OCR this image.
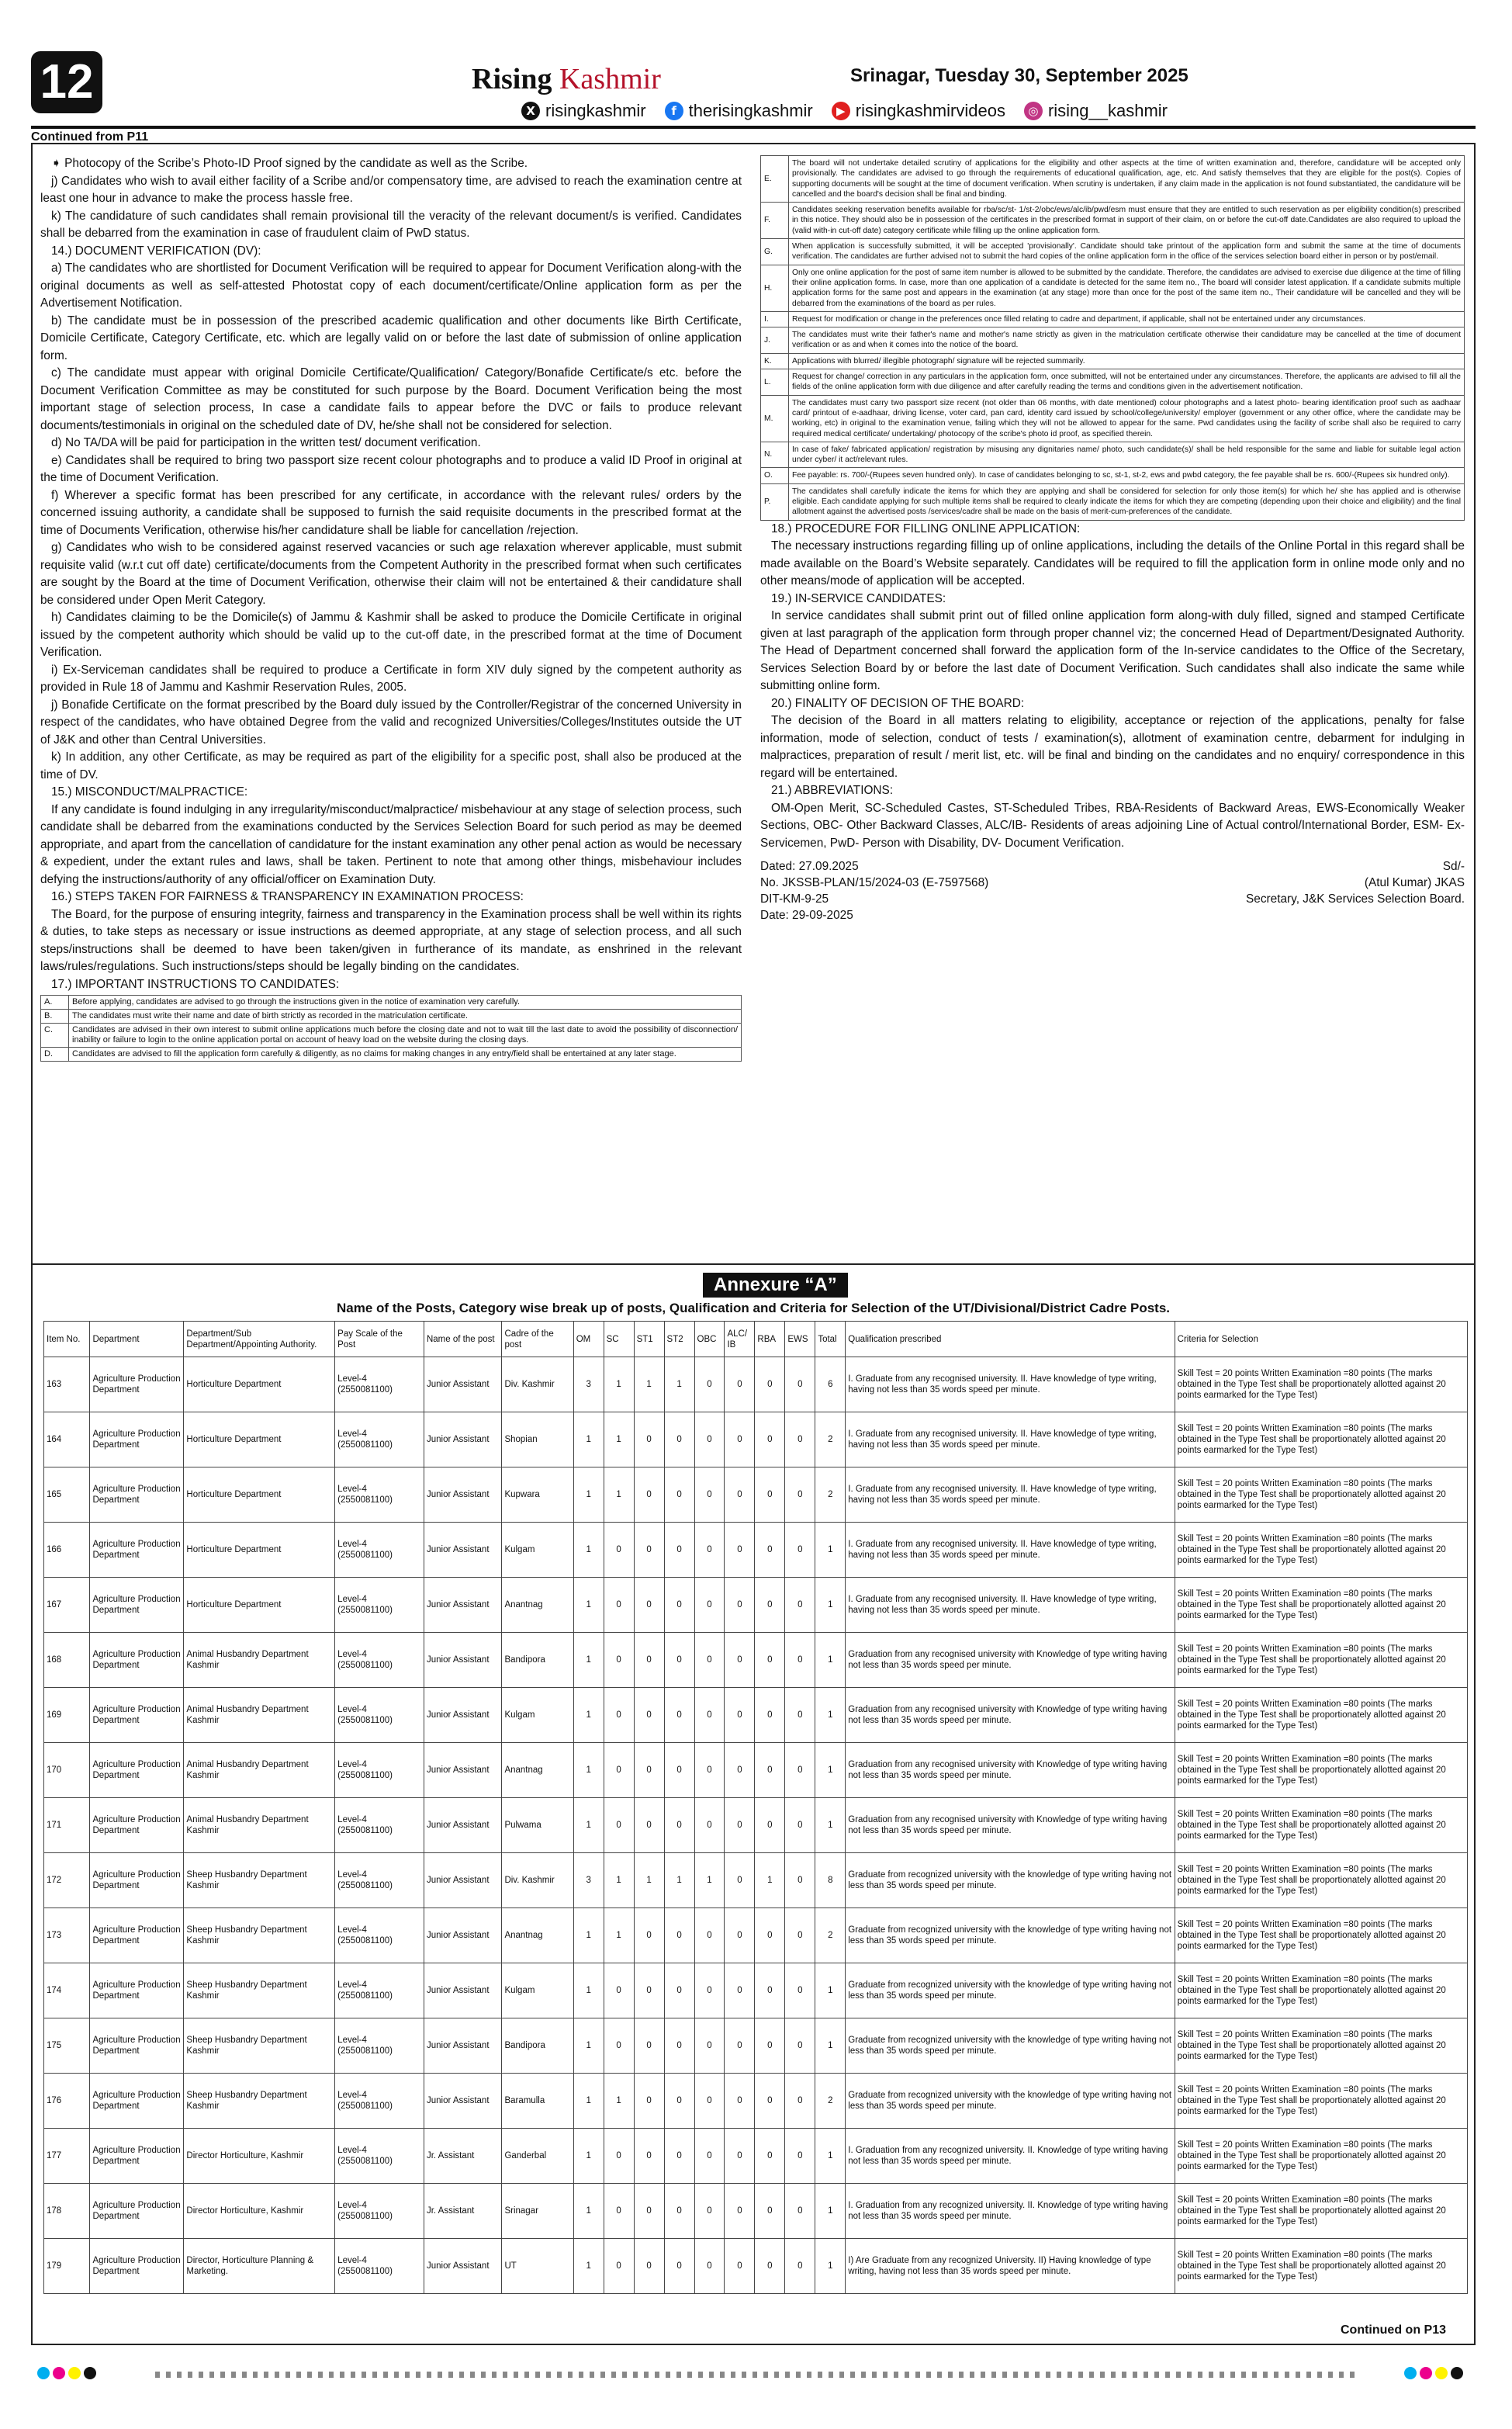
12	Rising Kashmir	Srinagar, Tuesday 30, September 2025
X risingkashmir	f therisingkashmir	▶ risingkashmirvideos	◎ rising__kashmir
Continued from P11

➧ Photocopy of the Scribe’s Photo-ID Proof signed by the candidate as well as the Scribe.

j) Candidates who wish to avail either facility of a Scribe and/or compensatory time, are advised to reach the examination centre at least one hour in advance to make the process hassle free.

k) The candidature of such candidates shall remain provisional till the veracity of the relevant document/s is verified. Candidates shall be debarred from the examination in case of fraudulent claim of PwD status.

14.) DOCUMENT VERIFICATION (DV):

a) The candidates who are shortlisted for Document Verification will be required to appear for Document Verification along-with the original documents as well as self-attested Photostat copy of each document/certificate/Online application form as per the Advertisement Notification.

b) The candidate must be in possession of the prescribed academic qualification and other documents like Birth Certificate, Domicile Certificate, Category Certificate, etc. which are legally valid on or before the last date of submission of online application form.

c) The candidate must appear with original Domicile Certificate/Qualification/ Category/Bonafide Certificate/s etc. before the Document Verification Committee as may be constituted for such purpose by the Board. Document Verification being the most important stage of selection process, In case a candidate fails to appear before the DVC or fails to produce relevant documents/testimonials in original on the scheduled date of DV, he/she shall not be considered for selection.

d) No TA/DA will be paid for participation in the written test/ document verification.

e) Candidates shall be required to bring two passport size recent colour photographs and to produce a valid ID Proof in original at the time of Document Verification.

f) Wherever a specific format has been prescribed for any certificate, in accordance with the relevant rules/ orders by the concerned issuing authority, a candidate shall be supposed to furnish the said requisite documents in the prescribed format at the time of Documents Verification, otherwise his/her candidature shall be liable for cancellation /rejection.

g) Candidates who wish to be considered against reserved vacancies or such age relaxation wherever applicable, must submit requisite valid (w.r.t cut off date) certificate/documents from the Competent Authority in the prescribed format when such certificates are sought by the Board at the time of Document Verification, otherwise their claim will not be entertained & their candidature shall be considered under Open Merit Category.

h) Candidates claiming to be the Domicile(s) of Jammu & Kashmir shall be asked to produce the Domicile Certificate in original issued by the competent authority which should be valid up to the cut-off date, in the prescribed format at the time of Document Verification.

i) Ex-Serviceman candidates shall be required to produce a Certificate in form XIV duly signed by the competent authority as provided in Rule 18 of Jammu and Kashmir Reservation Rules, 2005.

j) Bonafide Certificate on the format prescribed by the Board duly issued by the Controller/Registrar of the concerned University in respect of the candidates, who have obtained Degree from the valid and recognized Universities/Colleges/Institutes outside the UT of J&K and other than Central Universities.

k) In addition, any other Certificate, as may be required as part of the eligibility for a specific post, shall also be produced at the time of DV.

15.) MISCONDUCT/MALPRACTICE:

If any candidate is found indulging in any irregularity/misconduct/malpractice/ misbehaviour at any stage of selection process, such candidate shall be debarred from the examinations conducted by the Services Selection Board for such period as may be deemed appropriate, and apart from the cancellation of candidature for the instant examination any other penal action as would be necessary & expedient, under the extant rules and laws, shall be taken. Pertinent to note that among other things, misbehaviour includes defying the instructions/authority of any official/officer on Examination Duty.

16.) STEPS TAKEN FOR FAIRNESS & TRANSPARENCY IN EXAMINATION PROCESS:

The Board, for the purpose of ensuring integrity, fairness and transparency in the Examination process shall be well within its rights & duties, to take steps as necessary or issue instructions as deemed appropriate, at any stage of selection process, and all such steps/instructions shall be deemed to have been taken/given in furtherance of its mandate, as enshrined in the relevant laws/rules/regulations. Such instructions/steps should be legally binding on the candidates.

17.) IMPORTANT INSTRUCTIONS TO CANDIDATES:

A.	Before applying, candidates are advised to go through the instructions given in the notice of examination very carefully.
B.	The candidates must write their name and date of birth strictly as recorded in the matriculation certificate.
C.	Candidates are advised in their own interest to submit online applications much before the closing date and not to wait till the last date to avoid the possibility of disconnection/ inability or failure to login to the online application portal on account of heavy load on the website during the closing days.
D.	Candidates are advised to fill the application form carefully & diligently, as no claims for making changes in any entry/field shall be entertained at any later stage.
E.	The board will not undertake detailed scrutiny of applications for the eligibility and other aspects at the time of written examination and, therefore, candidature will be accepted only provisionally. The candidates are advised to go through the requirements of educational qualification, age, etc. And satisfy themselves that they are eligible for the post(s). Copies of supporting documents will be sought at the time of document verification. When scrutiny is undertaken, if any claim made in the application is not found substantiated, the candidature will be cancelled and the board's decision shall be final and binding.
F.	Candidates seeking reservation benefits available for rba/sc/st- 1/st-2/obc/ews/alc/ib/pwd/esm must ensure that they are entitled to such reservation as per eligibility condition(s) prescribed in this notice. They should also be in possession of the certificates in the prescribed format in support of their claim, on or before the cut-off date.Candidates are also required to upload the (valid with-in cut-off date) category certificate while filling up the online application form.
G.	When application is successfully submitted, it will be accepted 'provisionally'. Candidate should take printout of the application form and submit the same at the time of documents verification. The candidates are further advised not to submit the hard copies of the online application form in the office of the services selection board either in person or by post/email.
H.	Only one online application for the post of same item number is allowed to be submitted by the candidate. Therefore, the candidates are advised to exercise due diligence at the time of filling their online application forms. In case, more than one application of a candidate is detected for the same item no., The board will consider latest application. If a candidate submits multiple application forms for the same post and appears in the examination (at any stage) more than once for the post of the same item no., Their candidature will be cancelled and they will be debarred from the examinations of the board as per rules.
I.	Request for modification or change in the preferences once filled relating to cadre and department, if applicable, shall not be entertained under any circumstances.
J.	The candidates must write their father's name and mother's name strictly as given in the matriculation certificate otherwise their candidature may be cancelled at the time of document verification or as and when it comes into the notice of the board.
K.	Applications with blurred/ illegible photograph/ signature will be rejected summarily.
L.	Request for change/ correction in any particulars in the application form, once submitted, will not be entertained under any circumstances. Therefore, the applicants are advised to fill all the fields of the online application form with due diligence and after carefully reading the terms and conditions given in the advertisement notification.
M.	The candidates must carry two passport size recent (not older than 06 months, with date mentioned) colour photographs and a latest photo- bearing identification proof such as aadhaar card/ printout of e-aadhaar, driving license, voter card, pan card, identity card issued by school/college/university/ employer (government or any other office, where the candidate may be working, etc) in original to the examination venue, failing which they will not be allowed to appear for the same. Pwd candidates using the facility of scribe shall also be required to carry required medical certificate/ undertaking/ photocopy of the scribe's photo id proof, as specified therein.
N.	In case of fake/ fabricated application/ registration by misusing any dignitaries name/ photo, such candidate(s)/ shall be held responsible for the same and liable for suitable legal action under cyber/ it act/relevant rules.
O.	Fee payable: rs. 700/-(Rupees seven hundred only). In case of candidates belonging to sc, st-1, st-2, ews and pwbd category, the fee payable shall be rs. 600/-(Rupees six hundred only).
P.	The candidates shall carefully indicate the items for which they are applying and shall be considered for selection for only those item(s) for which he/ she has applied and is otherwise eligible. Each candidate applying for such multiple items shall be required to clearly indicate the items for which they are competing (depending upon their choice and eligibility) and the final allotment against the advertised posts /services/cadre shall be made on the basis of merit-cum-preferences of the candidate.

18.) PROCEDURE FOR FILLING ONLINE APPLICATION:

The necessary instructions regarding filling up of online applications, including the details of the Online Portal in this regard shall be made available on the Board’s Website separately. Candidates will be required to fill the application form in online mode only and no other means/mode of application will be accepted.

19.) IN-SERVICE CANDIDATES:

In service candidates shall submit print out of filled online application form along-with duly filled, signed and stamped Certificate given at last paragraph of the application form through proper channel viz; the concerned Head of Department/Designated Authority. The Head of Department concerned shall forward the application form of the In-service candidates to the Office of the Secretary, Services Selection Board by or before the last date of Document Verification. Such candidates shall also indicate the same while submitting online form.

20.) FINALITY OF DECISION OF THE BOARD:

The decision of the Board in all matters relating to eligibility, acceptance or rejection of the applications, penalty for false information, mode of selection, conduct of tests / examination(s), allotment of examination centre, debarment for indulging in malpractices, preparation of result / merit list, etc. will be final and binding on the candidates and no enquiry/ correspondence in this regard will be entertained.

21.) ABBREVIATIONS:

OM-Open Merit, SC-Scheduled Castes, ST-Scheduled Tribes, RBA-Residents of Backward Areas, EWS-Economically Weaker Sections, OBC- Other Backward Classes, ALC/IB- Residents of areas adjoining Line of Actual control/International Border, ESM- Ex-Servicemen, PwD- Person with Disability, DV- Document Verification.

Dated: 27.09.2025	Sd/-
No. JKSSB-PLAN/15/2024-03 (E-7597568)	(Atul Kumar) JKAS
DIT-KM-9-25	Secretary, J&K Services Selection Board.
Date: 29-09-2025
Annexure “A”
Name of the Posts, Category wise break up of posts, Qualification and Criteria for Selection of the UT/Divisional/District Cadre Posts.
Item No.	Department	Department/Sub Department/Appointing Authority.	Pay Scale of the Post	Name of the post	Cadre of the post	OM	SC	ST1	ST2	OBC	ALC/ IB	RBA	EWS	Total	Qualification prescribed	Criteria for Selection
163	Agriculture Production Department	Horticulture Department	Level-4 (2550081100)	Junior Assistant	Div. Kashmir	3	1	1	1	0	0	0	0	6	I. Graduate from any recognised university. II. Have knowledge of type writing, having not less than 35 words speed per minute.	Skill Test = 20 points Written Examination =80 points (The marks obtained in the Type Test shall be proportionately allotted against 20 points earmarked for the Type Test)
164	Agriculture Production Department	Horticulture Department	Level-4 (2550081100)	Junior Assistant	Shopian	1	1	0	0	0	0	0	0	2	I. Graduate from any recognised university. II. Have knowledge of type writing, having not less than 35 words speed per minute.	Skill Test = 20 points Written Examination =80 points (The marks obtained in the Type Test shall be proportionately allotted against 20 points earmarked for the Type Test)
165	Agriculture Production Department	Horticulture Department	Level-4 (2550081100)	Junior Assistant	Kupwara	1	1	0	0	0	0	0	0	2	I. Graduate from any recognised university. II. Have knowledge of type writing, having not less than 35 words speed per minute.	Skill Test = 20 points Written Examination =80 points (The marks obtained in the Type Test shall be proportionately allotted against 20 points earmarked for the Type Test)
166	Agriculture Production Department	Horticulture Department	Level-4 (2550081100)	Junior Assistant	Kulgam	1	0	0	0	0	0	0	0	1	I. Graduate from any recognised university. II. Have knowledge of type writing, having not less than 35 words speed per minute.	Skill Test = 20 points Written Examination =80 points (The marks obtained in the Type Test shall be proportionately allotted against 20 points earmarked for the Type Test)
167	Agriculture Production Department	Horticulture Department	Level-4 (2550081100)	Junior Assistant	Anantnag	1	0	0	0	0	0	0	0	1	I. Graduate from any recognised university. II. Have knowledge of type writing, having not less than 35 words speed per minute.	Skill Test = 20 points Written Examination =80 points (The marks obtained in the Type Test shall be proportionately allotted against 20 points earmarked for the Type Test)
168	Agriculture Production Department	Animal Husbandry Department Kashmir	Level-4 (2550081100)	Junior Assistant	Bandipora	1	0	0	0	0	0	0	0	1	Graduation from any recognised university with Knowledge of type writing having not less than 35 words speed per minute.	Skill Test = 20 points Written Examination =80 points (The marks obtained in the Type Test shall be proportionately allotted against 20 points earmarked for the Type Test)
169	Agriculture Production Department	Animal Husbandry Department Kashmir	Level-4 (2550081100)	Junior Assistant	Kulgam	1	0	0	0	0	0	0	0	1	Graduation from any recognised university with Knowledge of type writing having not less than 35 words speed per minute.	Skill Test = 20 points Written Examination =80 points (The marks obtained in the Type Test shall be proportionately allotted against 20 points earmarked for the Type Test)
170	Agriculture Production Department	Animal Husbandry Department Kashmir	Level-4 (2550081100)	Junior Assistant	Anantnag	1	0	0	0	0	0	0	0	1	Graduation from any recognised university with Knowledge of type writing having not less than 35 words speed per minute.	Skill Test = 20 points Written Examination =80 points (The marks obtained in the Type Test shall be proportionately allotted against 20 points earmarked for the Type Test)
171	Agriculture Production Department	Animal Husbandry Department Kashmir	Level-4 (2550081100)	Junior Assistant	Pulwama	1	0	0	0	0	0	0	0	1	Graduation from any recognised university with Knowledge of type writing having not less than 35 words speed per minute.	Skill Test = 20 points Written Examination =80 points (The marks obtained in the Type Test shall be proportionately allotted against 20 points earmarked for the Type Test)
172	Agriculture Production Department	Sheep Husbandry Department Kashmir	Level-4 (2550081100)	Junior Assistant	Div. Kashmir	3	1	1	1	1	0	1	0	8	Graduate from recognized university with the knowledge of type writing having not less than 35 words speed per minute.	Skill Test = 20 points Written Examination =80 points (The marks obtained in the Type Test shall be proportionately allotted against 20 points earmarked for the Type Test)
173	Agriculture Production Department	Sheep Husbandry Department Kashmir	Level-4 (2550081100)	Junior Assistant	Anantnag	1	1	0	0	0	0	0	0	2	Graduate from recognized university with the knowledge of type writing having not less than 35 words speed per minute.	Skill Test = 20 points Written Examination =80 points (The marks obtained in the Type Test shall be proportionately allotted against 20 points earmarked for the Type Test)
174	Agriculture Production Department	Sheep Husbandry Department Kashmir	Level-4 (2550081100)	Junior Assistant	Kulgam	1	0	0	0	0	0	0	0	1	Graduate from recognized university with the knowledge of type writing having not less than 35 words speed per minute.	Skill Test = 20 points Written Examination =80 points (The marks obtained in the Type Test shall be proportionately allotted against 20 points earmarked for the Type Test)
175	Agriculture Production Department	Sheep Husbandry Department Kashmir	Level-4 (2550081100)	Junior Assistant	Bandipora	1	0	0	0	0	0	0	0	1	Graduate from recognized university with the knowledge of type writing having not less than 35 words speed per minute.	Skill Test = 20 points Written Examination =80 points (The marks obtained in the Type Test shall be proportionately allotted against 20 points earmarked for the Type Test)
176	Agriculture Production Department	Sheep Husbandry Department Kashmir	Level-4 (2550081100)	Junior Assistant	Baramulla	1	1	0	0	0	0	0	0	2	Graduate from recognized university with the knowledge of type writing having not less than 35 words speed per minute.	Skill Test = 20 points Written Examination =80 points (The marks obtained in the Type Test shall be proportionately allotted against 20 points earmarked for the Type Test)
177	Agriculture Production Department	Director Horticulture, Kashmir	Level-4 (2550081100)	Jr. Assistant	Ganderbal	1	0	0	0	0	0	0	0	1	I. Graduation from any recognized university. II. Knowledge of type writing having not less than 35 words speed per minute.	Skill Test = 20 points Written Examination =80 points (The marks obtained in the Type Test shall be proportionately allotted against 20 points earmarked for the Type Test)
178	Agriculture Production Department	Director Horticulture, Kashmir	Level-4 (2550081100)	Jr. Assistant	Srinagar	1	0	0	0	0	0	0	0	1	I. Graduation from any recognized university. II. Knowledge of type writing having not less than 35 words speed per minute.	Skill Test = 20 points Written Examination =80 points (The marks obtained in the Type Test shall be proportionately allotted against 20 points earmarked for the Type Test)
179	Agriculture Production Department	Director, Horticulture Planning & Marketing.	Level-4 (2550081100)	Junior Assistant	UT	1	0	0	0	0	0	0	0	1	I) Are Graduate from any recognized University. II) Having knowledge of type writing, having not less than 35 words speed per minute.	Skill Test = 20 points Written Examination =80 points (The marks obtained in the Type Test shall be proportionately allotted against 20 points earmarked for the Type Test)
Continued on P13
